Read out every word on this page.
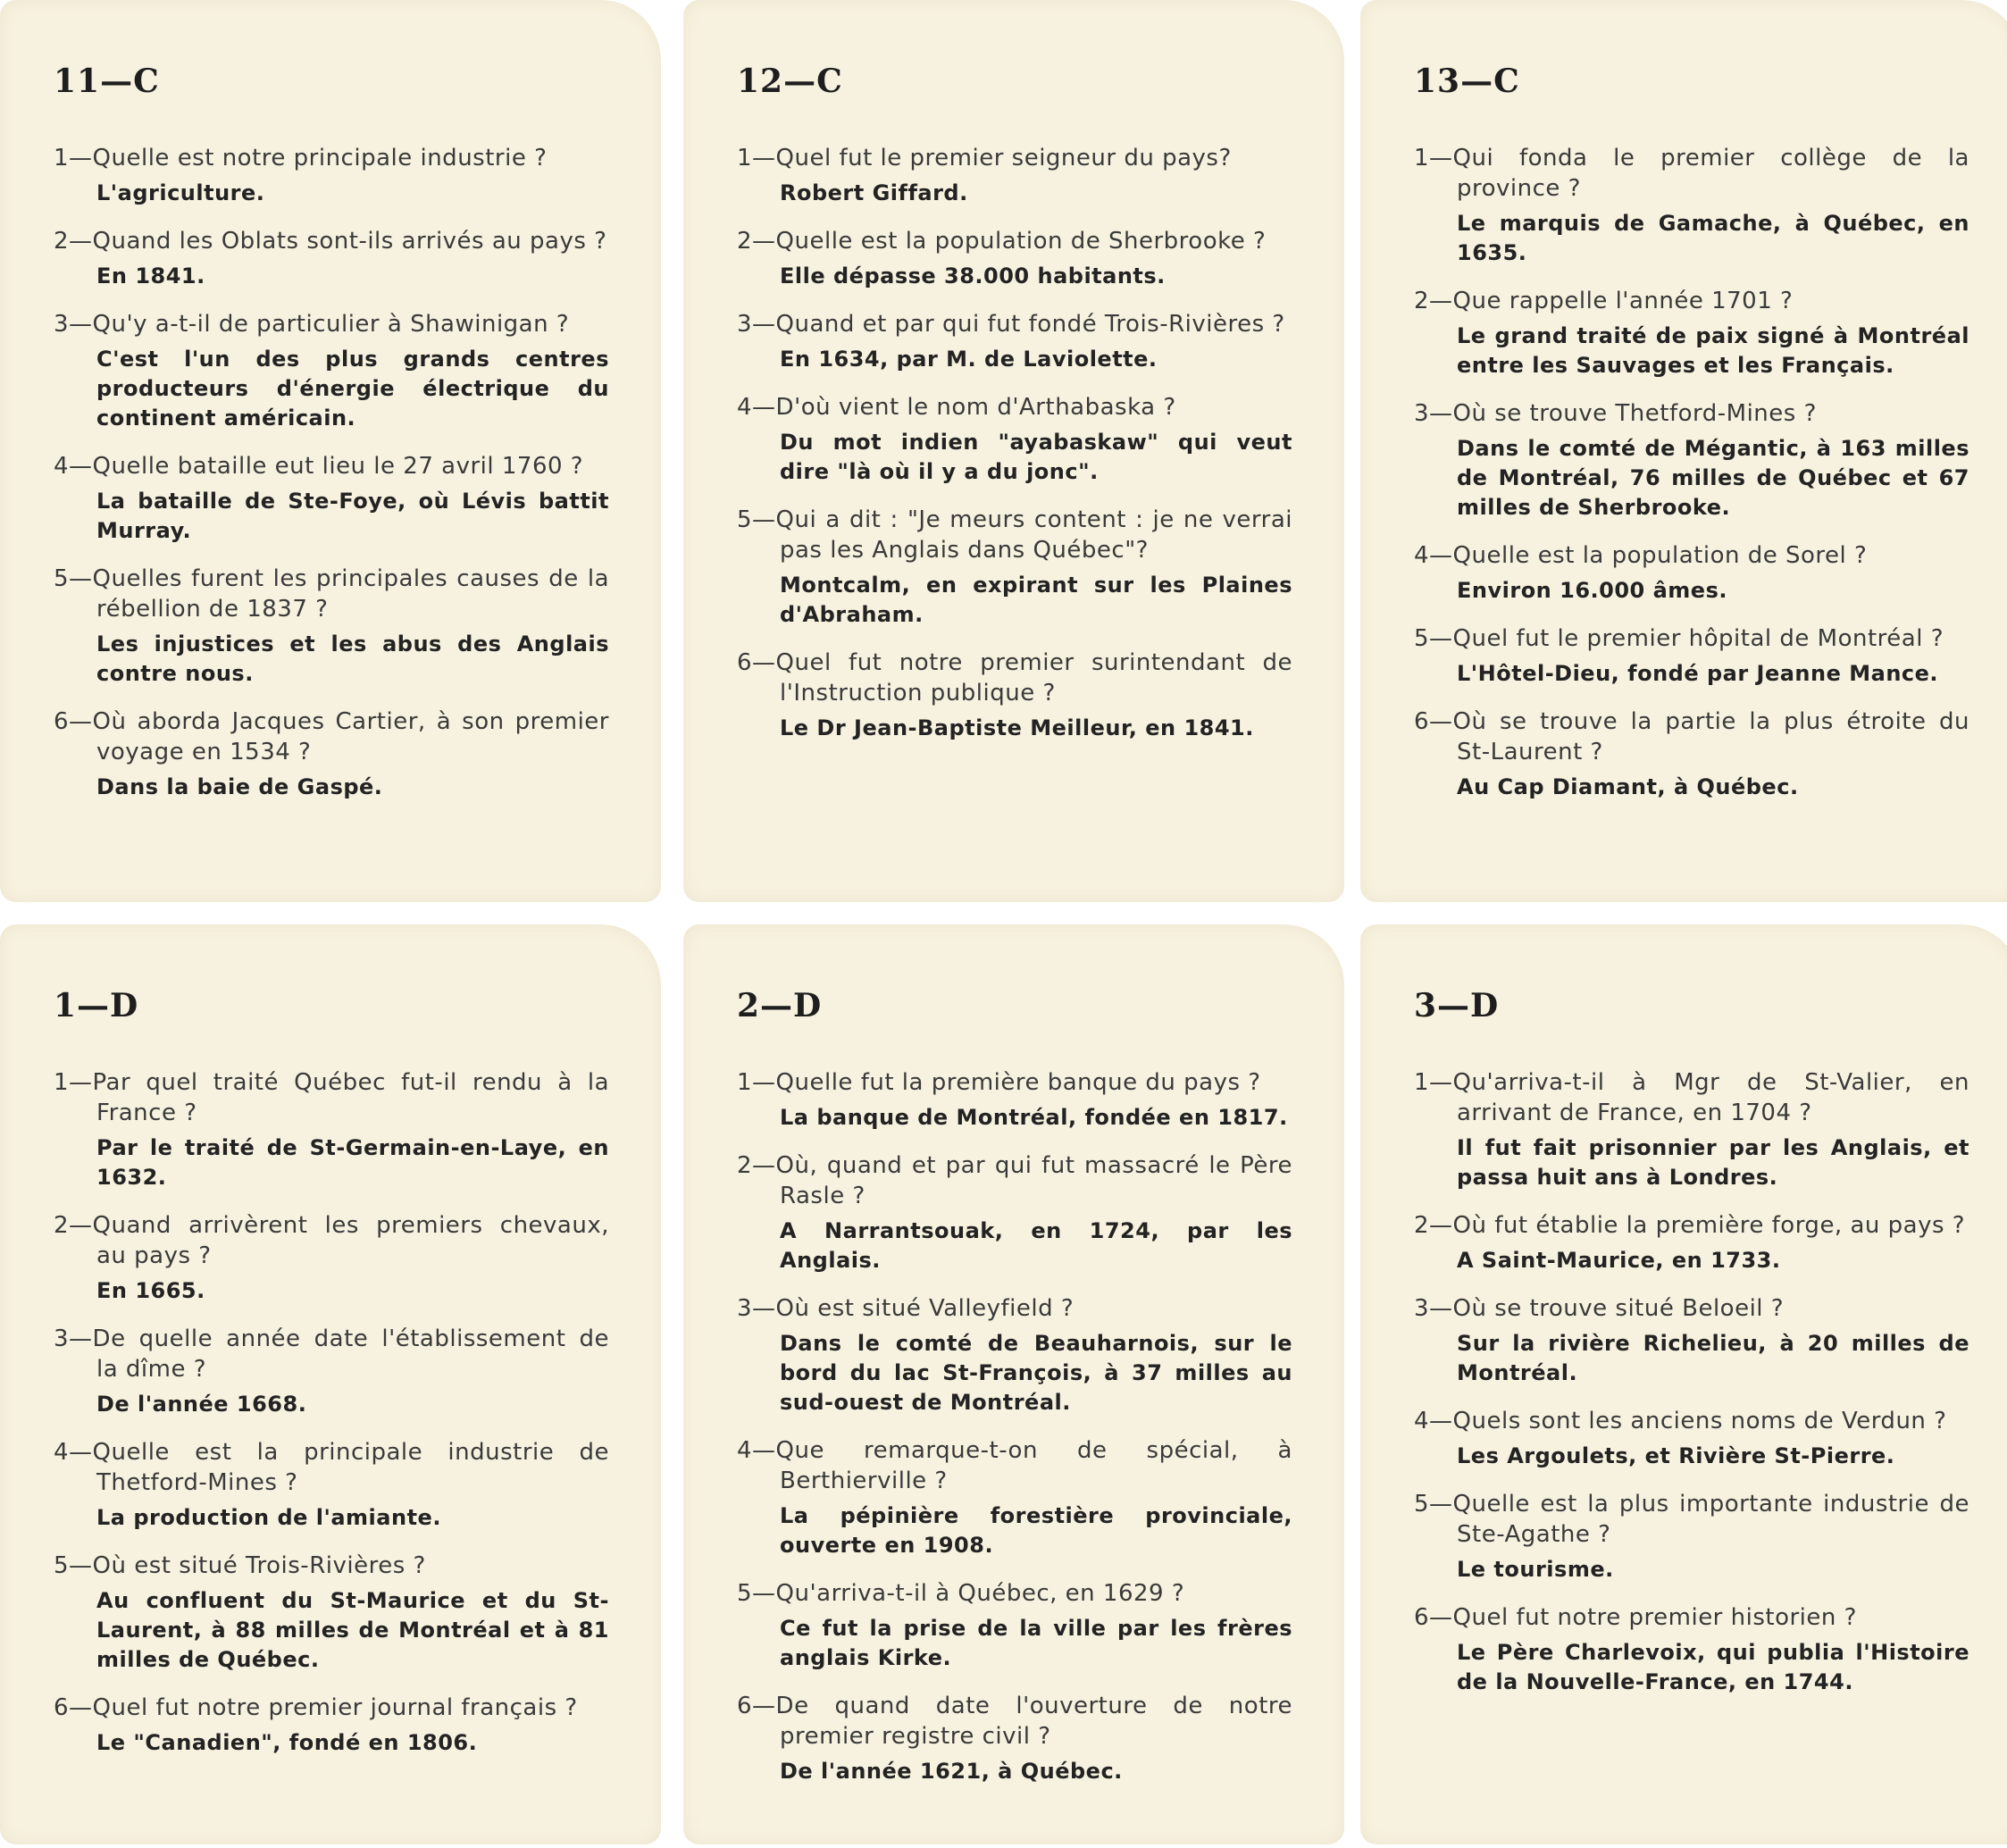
11—C
1—Quelle est notre principale industrie ?
L'agriculture.
2—Quand les Oblats sont-ils arrivés au pays ?
En 1841.
3—Qu'y a-t-il de particulier à Shawinigan ?
C'est l'un des plus grands centres producteurs d'énergie électrique du continent américain.
4—Quelle bataille eut lieu le 27 avril 1760 ?
La bataille de Ste-Foye, où Lévis battit Murray.
5—Quelles furent les principales causes de la rébellion de 1837 ?
Les injustices et les abus des Anglais contre nous.
6—Où aborda Jacques Cartier, à son premier voyage en 1534 ?
Dans la baie de Gaspé.
12—C
1—Quel fut le premier seigneur du pays?
Robert Giffard.
2—Quelle est la population de Sherbrooke ?
Elle dépasse 38.000 habitants.
3—Quand et par qui fut fondé Trois-Rivières ?
En 1634, par M. de Laviolette.
4—D'où vient le nom d'Arthabaska ?
Du mot indien "ayabaskaw" qui veut dire "là où il y a du jonc".
5—Qui a dit : "Je meurs content : je ne verrai pas les Anglais dans Québec"?
Montcalm, en expirant sur les Plaines d'Abraham.
6—Quel fut notre premier surintendant de l'Instruction publique ?
Le Dr Jean-Baptiste Meilleur, en 1841.
13—C
1—Qui fonda le premier collège de la province ?
Le marquis de Gamache, à Québec, en 1635.
2—Que rappelle l'année 1701 ?
Le grand traité de paix signé à Montréal entre les Sauvages et les Français.
3—Où se trouve Thetford-Mines ?
Dans le comté de Mégantic, à 163 milles de Montréal, 76 milles de Québec et 67 milles de Sherbrooke.
4—Quelle est la population de Sorel ?
Environ 16.000 âmes.
5—Quel fut le premier hôpital de Montréal ?
L'Hôtel-Dieu, fondé par Jeanne Mance.
6—Où se trouve la partie la plus étroite du St-Laurent ?
Au Cap Diamant, à Québec.
1—D
1—Par quel traité Québec fut-il rendu à la France ?
Par le traité de St-Germain-en-Laye, en 1632.
2—Quand arrivèrent les premiers chevaux, au pays ?
En 1665.
3—De quelle année date l'établissement de la dîme ?
De l'année 1668.
4—Quelle est la principale industrie de Thetford-Mines ?
La production de l'amiante.
5—Où est situé Trois-Rivières ?
Au confluent du St-Maurice et du St-Laurent, à 88 milles de Montréal et à 81 milles de Québec.
6—Quel fut notre premier journal français ?
Le "Canadien", fondé en 1806.
2—D
1—Quelle fut la première banque du pays ?
La banque de Montréal, fondée en 1817.
2—Où, quand et par qui fut massacré le Père Rasle ?
A Narrantsouak, en 1724, par les Anglais.
3—Où est situé Valleyfield ?
Dans le comté de Beauharnois, sur le bord du lac St-François, à 37 milles au sud-ouest de Montréal.
4—Que remarque-t-on de spécial, à Berthierville ?
La pépinière forestière provinciale, ouverte en 1908.
5—Qu'arriva-t-il à Québec, en 1629 ?
Ce fut la prise de la ville par les frères anglais Kirke.
6—De quand date l'ouverture de notre premier registre civil ?
De l'année 1621, à Québec.
3—D
1—Qu'arriva-t-il à Mgr de St-Valier, en arrivant de France, en 1704 ?
Il fut fait prisonnier par les Anglais, et passa huit ans à Londres.
2—Où fut établie la première forge, au pays ?
A Saint-Maurice, en 1733.
3—Où se trouve situé Beloeil ?
Sur la rivière Richelieu, à 20 milles de Montréal.
4—Quels sont les anciens noms de Verdun ?
Les Argoulets, et Rivière St-Pierre.
5—Quelle est la plus importante industrie de Ste-Agathe ?
Le tourisme.
6—Quel fut notre premier historien ?
Le Père Charlevoix, qui publia l'Histoire de la Nouvelle-France, en 1744.
